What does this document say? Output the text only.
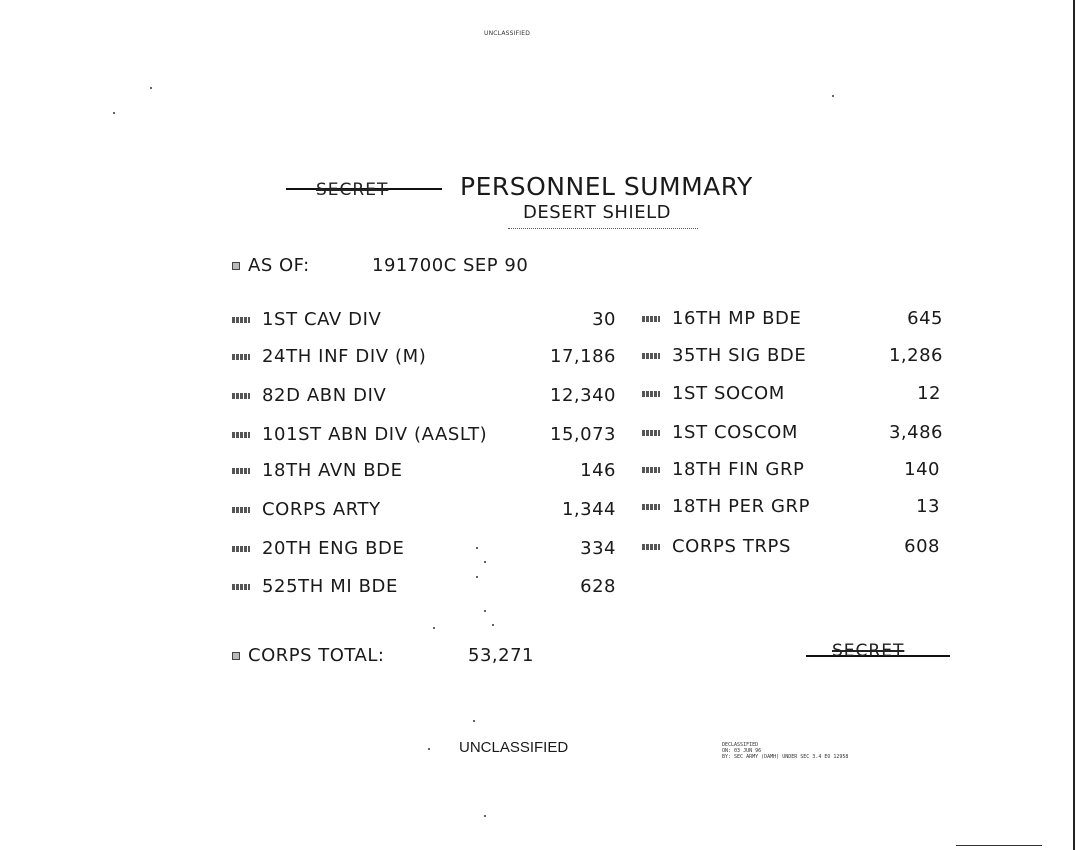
UNCLASSIFIED
SECRET	PERSONNEL SUMMARY
DESERT SHIELD
AS OF:	191700C SEP 90
1ST CAV DIV	30
24TH INF DIV (M)	17,186
82D ABN DIV	12,340
101ST ABN DIV (AASLT)	15,073
18TH AVN BDE	146
CORPS ARTY	1,344
20TH ENG BDE	334
525TH MI BDE	628
16TH MP BDE	645
35TH SIG BDE	1,286
1ST SOCOM	12
1ST COSCOM	3,486
18TH FIN GRP	140
18TH PER GRP	13
CORPS TRPS	608
CORPS TOTAL:	53,271	SECRET
UNCLASSIFIED	DECLASSIFIED
ON: 03 JUN 96
BY: SEC ARMY (DAMH) UNDER SEC 3.4 EO 12958
